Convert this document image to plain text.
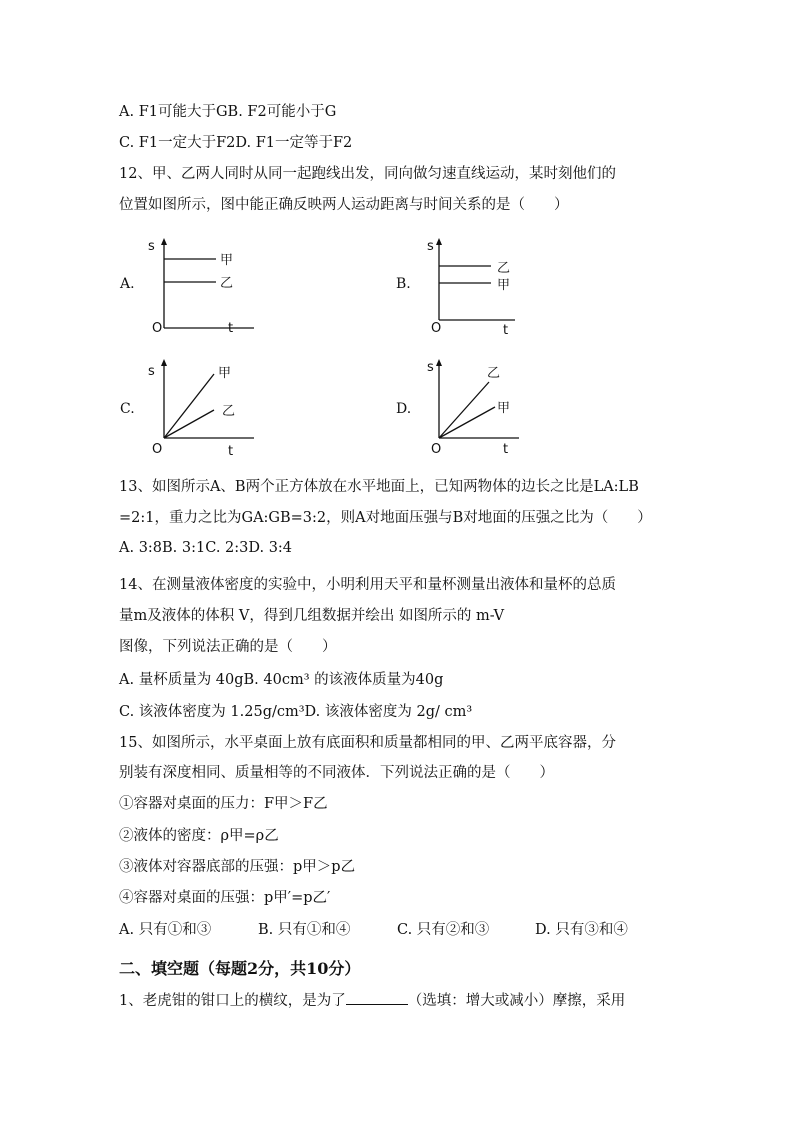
A. F1可能大于GB. F2可能小于G
C. F1一定大于F2D. F1一定等于F2
12、甲、乙两人同时从同一起跑线出发，同向做匀速直线运动，某时刻他们的
位置如图所示，图中能正确反映两人运动距离与时间关系的是（　　）
A.
s
O	t
甲
乙	B.
s
O	t
乙
甲
C.
s
O	t
甲
乙	D.
s
O	t
乙
甲
13、如图所示A、B两个正方体放在水平地面上，已知两物体的边长之比是LA:LB
=2:1，重力之比为GA:GB=3:2，则A对地面压强与B对地面的压强之比为（　　）
A. 3:8B. 3:1C. 2:3D. 3:4
14、在测量液体密度的实验中，小明利用天平和量杯测量出液体和量杯的总质
量m及液体的体积 V，得到几组数据并绘出 如图所示的 m-V
图像，下列说法正确的是（　　）
A. 量杯质量为 40gB. 40cm³ 的该液体质量为40g
C. 该液体密度为 1.25g/cm³D. 该液体密度为 2g/ cm³
15、如图所示，水平桌面上放有底面积和质量都相同的甲、乙两平底容器，分
别装有深度相同、质量相等的不同液体．下列说法正确的是（　　）
①容器对桌面的压力：F甲＞F乙
②液体的密度：ρ甲=ρ乙
③液体对容器底部的压强：p甲＞p乙
④容器对桌面的压强：p甲′=p乙′
A. 只有①和③	B. 只有①和④	C. 只有②和③	D. 只有③和④
二、填空题（每题2分，共10分）
1、老虎钳的钳口上的横纹，是为了	（选填：增大或减小）摩擦，采用
